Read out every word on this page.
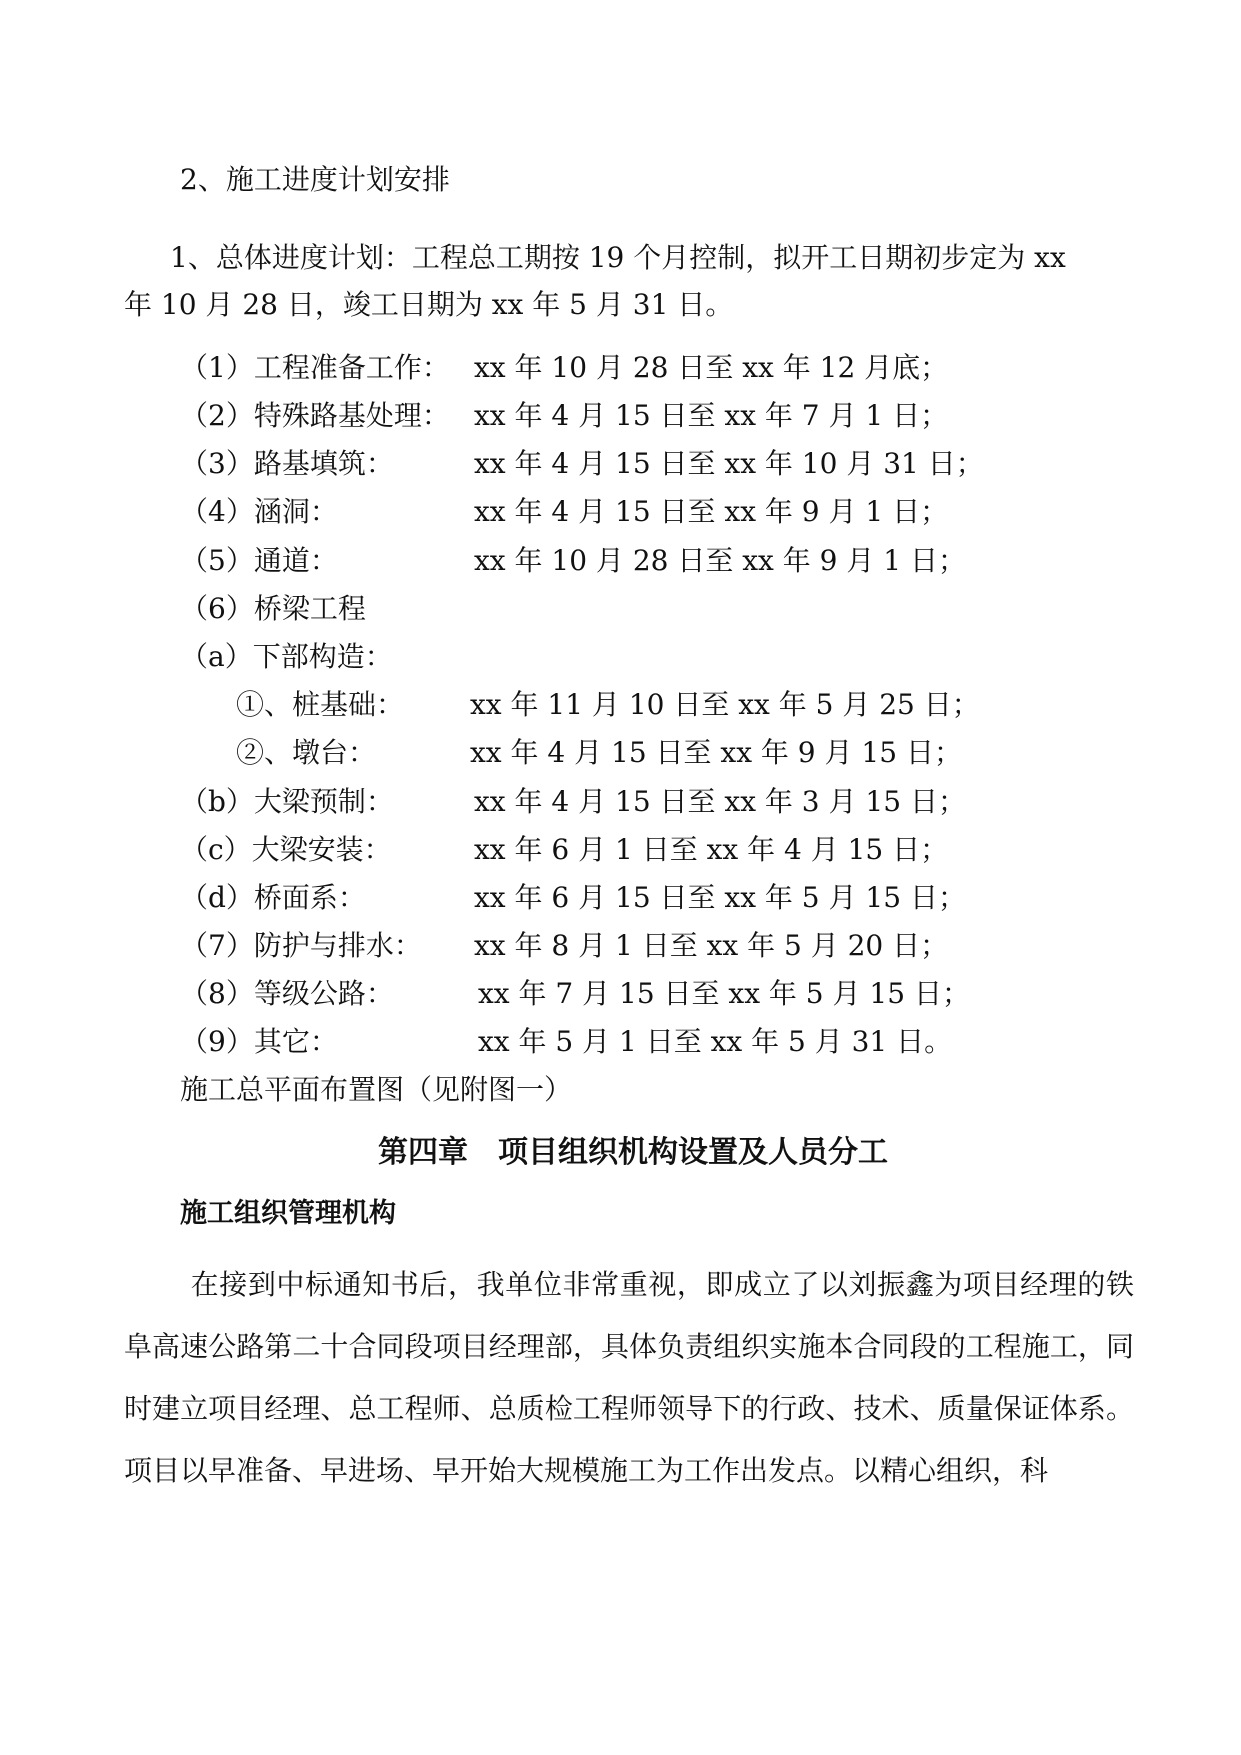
2、施工进度计划安排
1、总体进度计划：工程总工期按 19 个月控制，拟开工日期初步定为 xx
年 10 月 28 日，竣工日期为 xx 年 5 月 31 日。
（1）工程准备工作： xx 年 10 月 28 日至 xx 年 12 月底；
（2）特殊路基处理： xx 年 4 月 15 日至 xx 年 7 月 1 日；
（3）路基填筑：	xx 年 4 月 15 日至 xx 年 10 月 31 日；
（4）涵洞：	xx 年 4 月 15 日至 xx 年 9 月 1 日；
（5）通道：	xx 年 10 月 28 日至 xx 年 9 月 1 日；
（6）桥梁工程
（a）下部构造：
①、桩基础： xx 年 11 月 10 日至 xx 年 5 月 25 日；
②、墩台：	xx 年 4 月 15 日至 xx 年 9 月 15 日；
（b）大梁预制：	xx 年 4 月 15 日至 xx 年 3 月 15 日；
（c）大梁安装：	xx 年 6 月 1 日至 xx 年 4 月 15 日；
（d）桥面系：	xx 年 6 月 15 日至 xx 年 5 月 15 日；
（7）防护与排水： xx 年 8 月 1 日至 xx 年 5 月 20 日；
（8）等级公路：	xx 年 7 月 15 日至 xx 年 5 月 15 日；
（9）其它：	xx 年 5 月 1 日至 xx 年 5 月 31 日。
施工总平面布置图（见附图一）
第四章　项目组织机构设置及人员分工
施工组织管理机构
在接到中标通知书后，我单位非常重视，即成立了以刘振鑫为项目经理的铁阜高速公路第二十合同段项目经理部，具体负责组织实施本合同段的工程施工，同时建立项目经理、总工程师、总质检工程师领导下的行政、技术、质量保证体系。项目以早准备、早进场、早开始大规模施工为工作出发点。以精心组织，科
